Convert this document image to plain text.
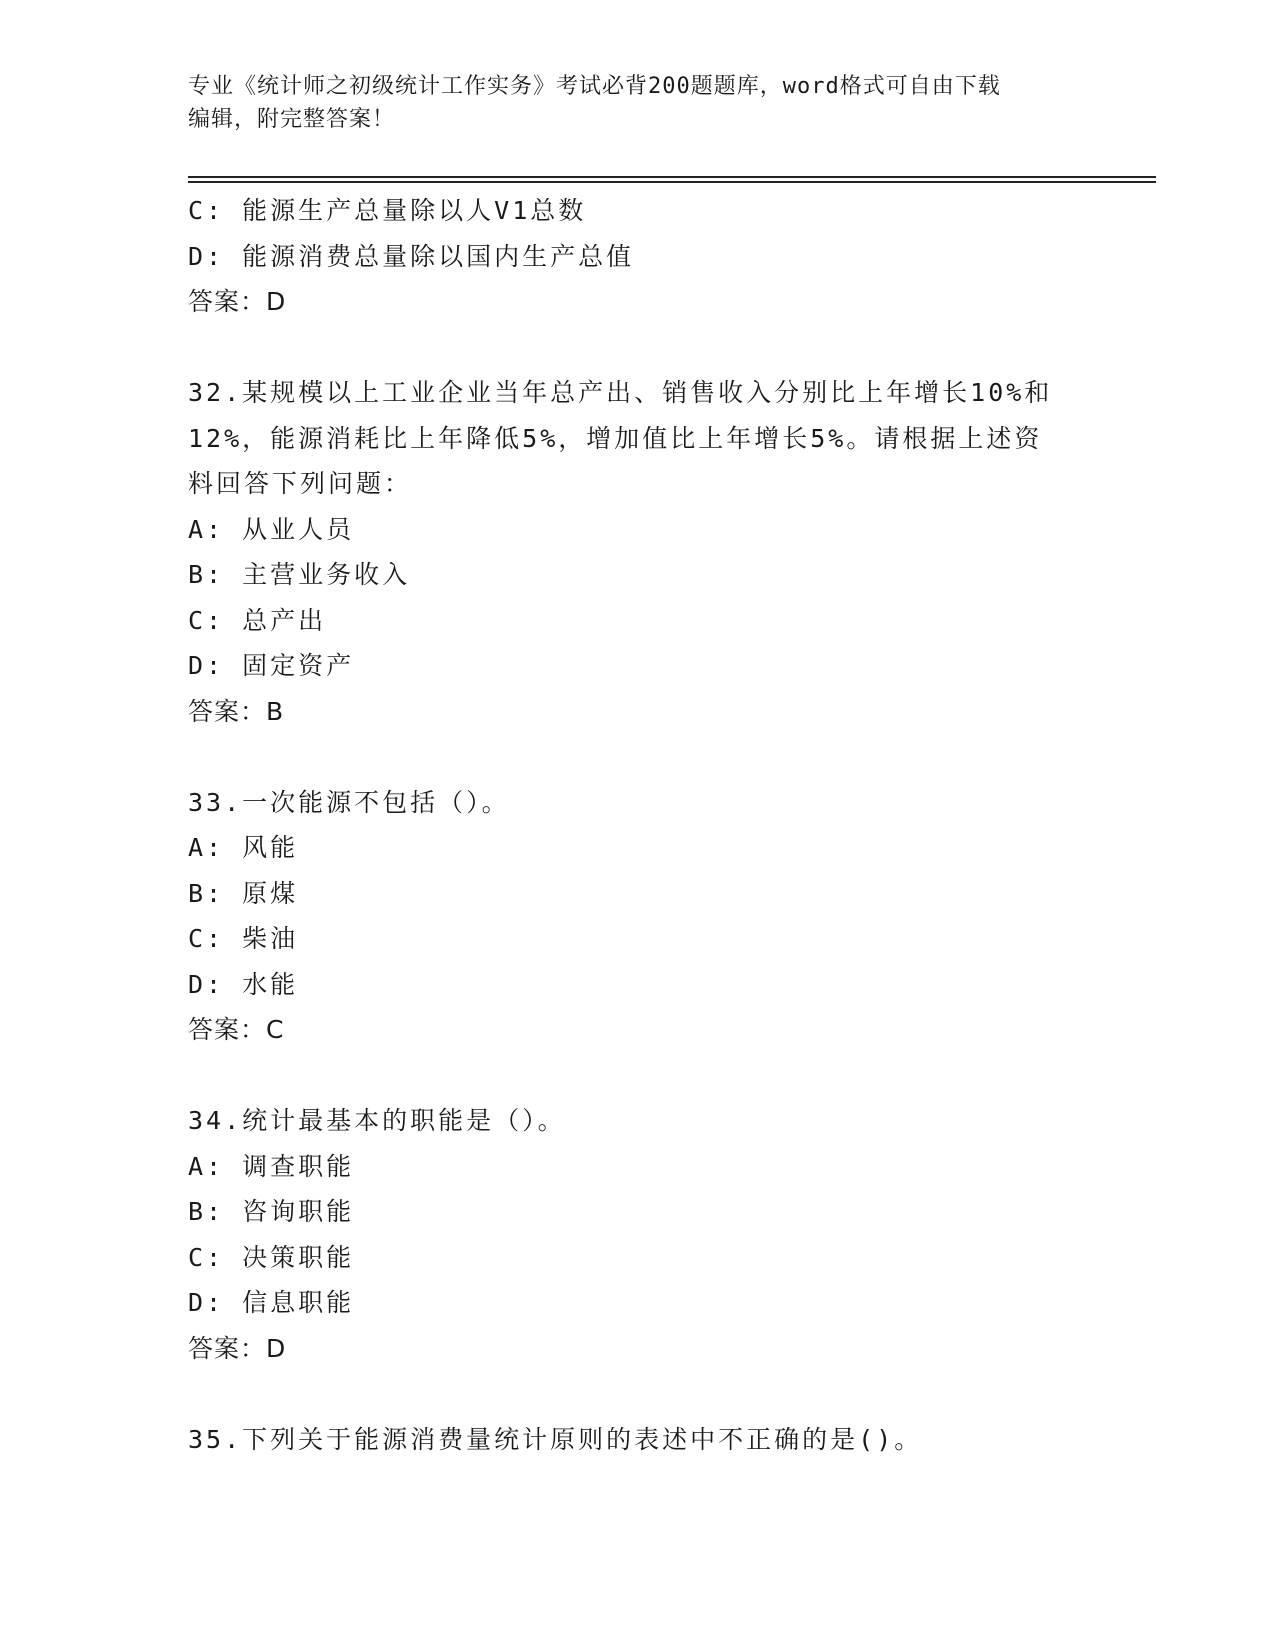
专业《统计师之初级统计工作实务》考试必背200题题库，word格式可自由下载
编辑，附完整答案！
C: 能源生产总量除以人V1总数
D: 能源消费总量除以国内生产总值
答案：D
32.某规模以上工业企业当年总产出、销售收入分别比上年增长10%和
12%，能源消耗比上年降低5%，增加值比上年增长5%。请根据上述资
料回答下列问题：
A: 从业人员
B: 主营业务收入
C: 总产出
D: 固定资产
答案：B
33.一次能源不包括（）。
A: 风能
B: 原煤
C: 柴油
D: 水能
答案：C
34.统计最基本的职能是（）。
A: 调查职能
B: 咨询职能
C: 决策职能
D: 信息职能
答案：D
35.下列关于能源消费量统计原则的表述中不正确的是()。
